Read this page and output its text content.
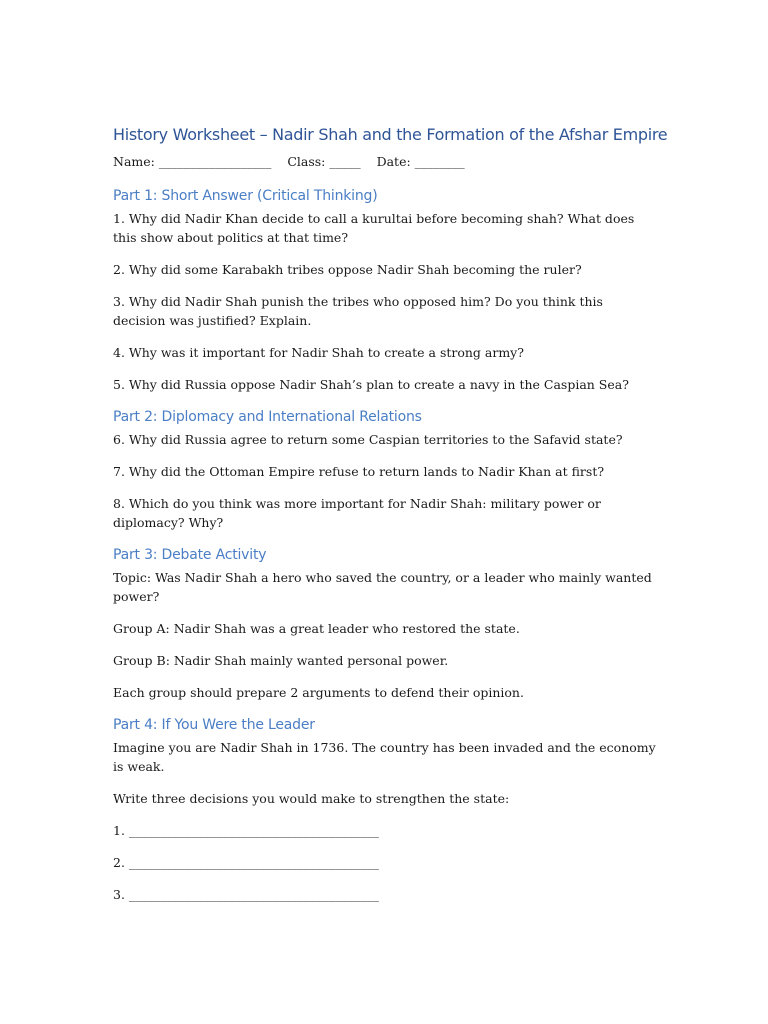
History Worksheet – Nadir Shah and the Formation of the Afshar Empire
Name: __________________ Class: _____ Date: ________
Part 1: Short Answer (Critical Thinking)

1. Why did Nadir Khan decide to call a kurultai before becoming shah? What does this show about politics at that time?

2. Why did some Karabakh tribes oppose Nadir Shah becoming the ruler?

3. Why did Nadir Shah punish the tribes who opposed him? Do you think this decision was justified? Explain.

4. Why was it important for Nadir Shah to create a strong army?

5. Why did Russia oppose Nadir Shah’s plan to create a navy in the Caspian Sea?

Part 2: Diplomacy and International Relations

6. Why did Russia agree to return some Caspian territories to the Safavid state?

7. Why did the Ottoman Empire refuse to return lands to Nadir Khan at first?

8. Which do you think was more important for Nadir Shah: military power or diplomacy? Why?

Part 3: Debate Activity

Topic: Was Nadir Shah a hero who saved the country, or a leader who mainly wanted power?

Group A: Nadir Shah was a great leader who restored the state.

Group B: Nadir Shah mainly wanted personal power.

Each group should prepare 2 arguments to defend their opinion.

Part 4: If You Were the Leader

Imagine you are Nadir Shah in 1736. The country has been invaded and the economy is weak.

Write three decisions you would make to strengthen the state:

1. ________________________________________

2. ________________________________________

3. ________________________________________
